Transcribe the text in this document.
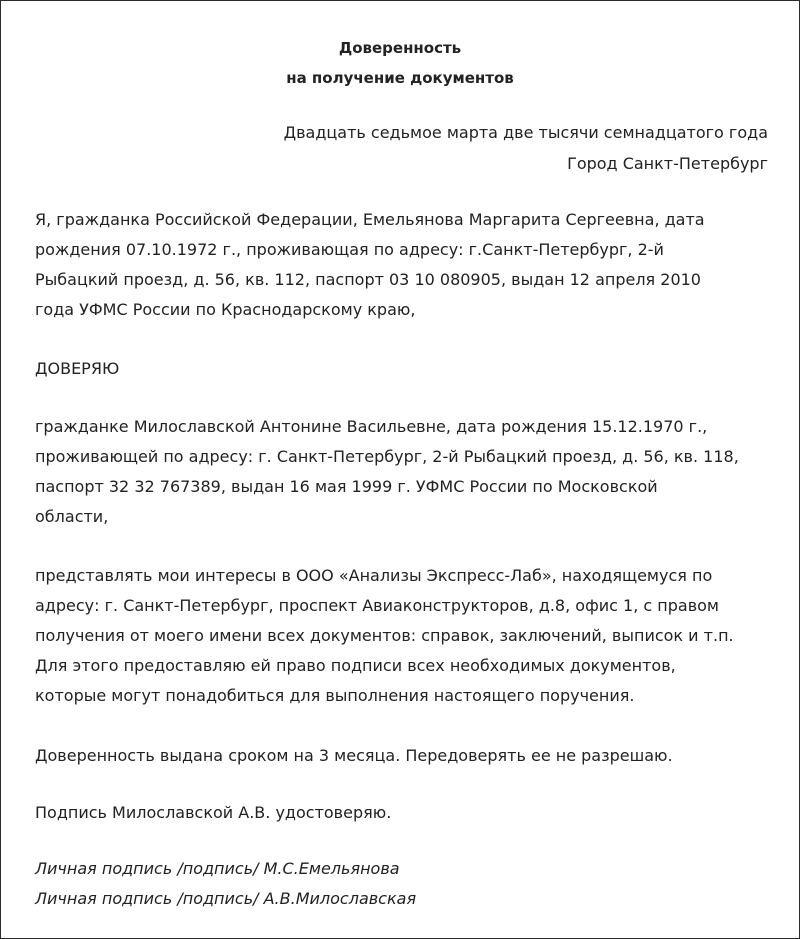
Доверенность
на получение документов
Двадцать седьмое марта две тысячи семнадцатого года
Город Санкт-Петербург
Я, гражданка Российской Федерации, Емельянова Маргарита Сергеевна, дата
рождения 07.10.1972 г., проживающая по адресу: г.Санкт-Петербург, 2-й
Рыбацкий проезд, д. 56, кв. 112, паспорт 03 10 080905, выдан 12 апреля 2010
года УФМС России по Краснодарскому краю,
ДОВЕРЯЮ
гражданке Милославской Антонине Васильевне, дата рождения 15.12.1970 г.,
проживающей по адресу: г. Санкт-Петербург, 2-й Рыбацкий проезд, д. 56, кв. 118,
паспорт 32 32 767389, выдан 16 мая 1999 г. УФМС России по Московской
области,
представлять мои интересы в ООО «Анализы Экспресс-Лаб», находящемуся по
адресу: г. Санкт-Петербург, проспект Авиаконструкторов, д.8, офис 1, с правом
получения от моего имени всех документов: справок, заключений, выписок и т.п.
Для этого предоставляю ей право подписи всех необходимых документов,
которые могут понадобиться для выполнения настоящего поручения.
Доверенность выдана сроком на 3 месяца. Передоверять ее не разрешаю.
Подпись Милославской А.В. удостоверяю.
Личная подпись /подпись/ М.С.Емельянова
Личная подпись /подпись/ А.В.Милославская
